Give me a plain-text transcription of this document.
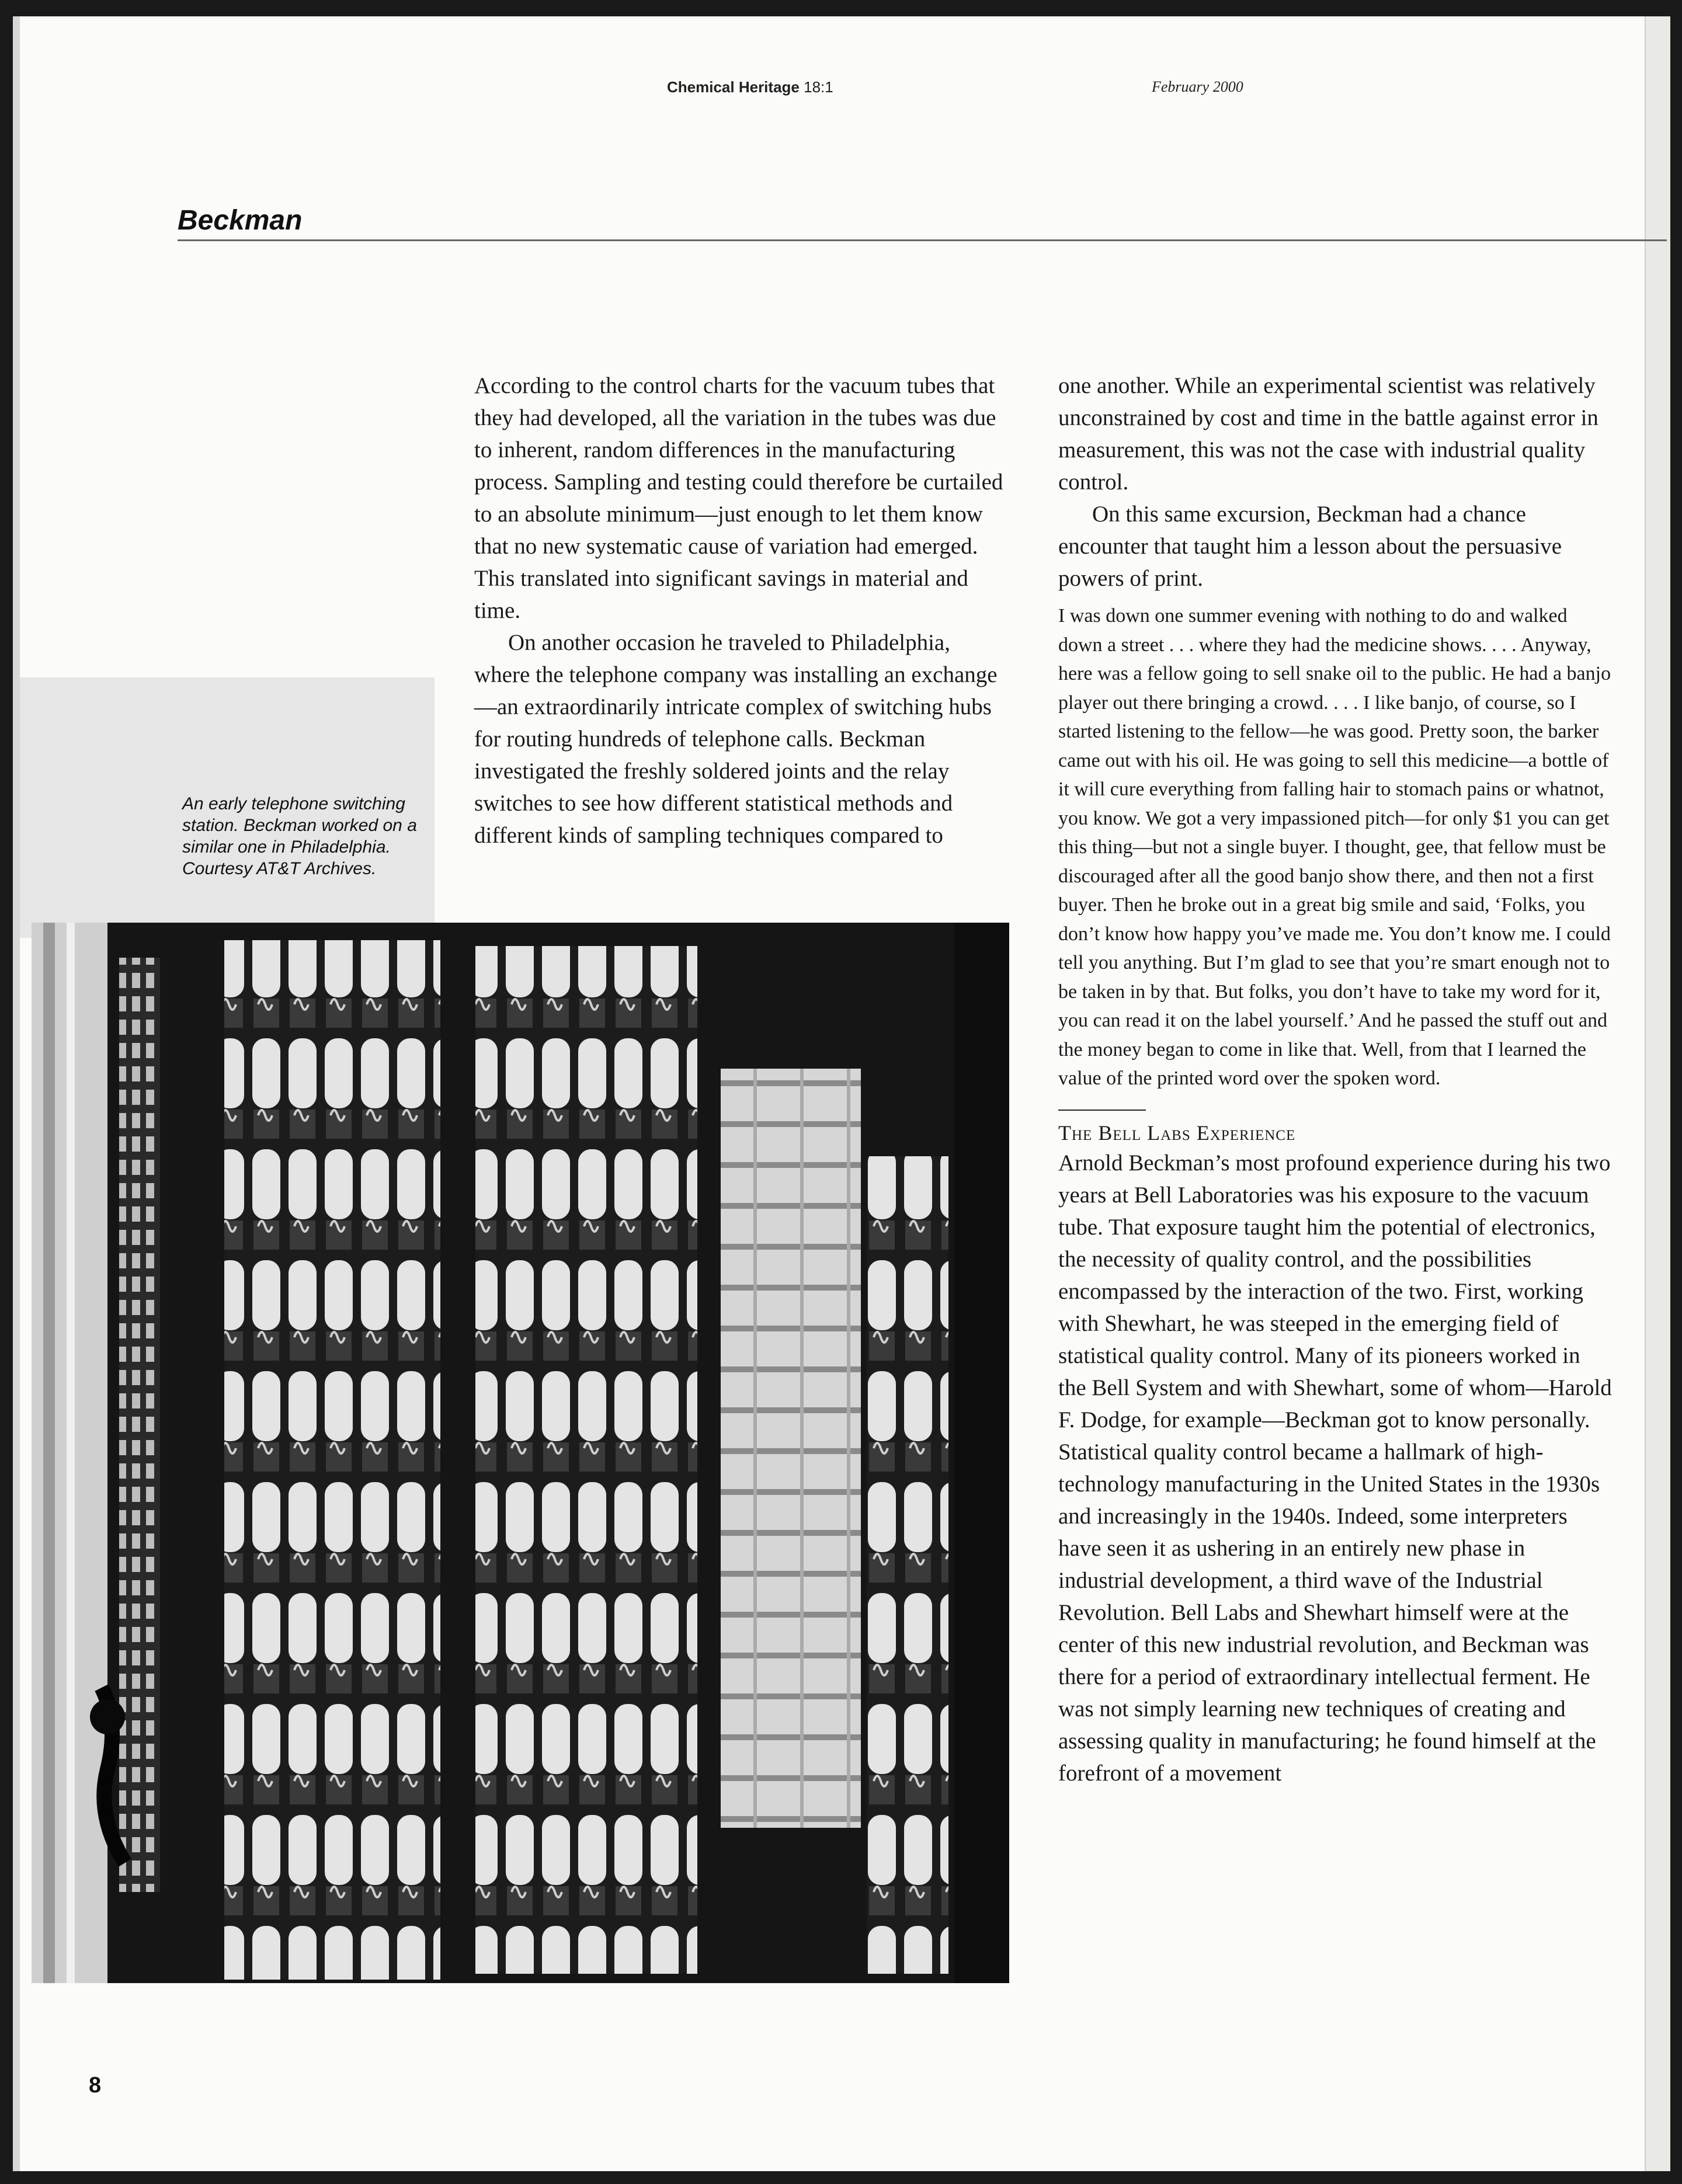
Chemical Heritage 18:1	February 2000
Beckman

An early telephone switching station. Beckman worked on a similar one in Philadelphia. Courtesy AT&T Archives.

According to the control charts for the vacuum tubes that they had developed, all the variation in the tubes was due to inherent, random differences in the manufacturing process. Sampling and testing could therefore be curtailed to an absolute minimum—just enough to let them know that no new systematic cause of variation had emerged. This translated into significant savings in material and time.

On another occasion he traveled to Philadelphia, where the telephone company was installing an exchange—an extraordinarily intricate complex of switching hubs for routing hundreds of telephone calls. Beckman investigated the freshly soldered joints and the relay switches to see how different statistical methods and different kinds of sampling techniques compared to

one another. While an experimental scientist was relatively unconstrained by cost and time in the battle against error in measurement, this was not the case with industrial quality control.

On this same excursion, Beckman had a chance encounter that taught him a lesson about the persuasive powers of print.

I was down one summer evening with nothing to do and walked down a street . . . where they had the medicine shows. . . . Anyway, here was a fellow going to sell snake oil to the public. He had a banjo player out there bringing a crowd. . . . I like banjo, of course, so I started listening to the fellow—he was good. Pretty soon, the barker came out with his oil. He was going to sell this medicine—a bottle of it will cure everything from falling hair to stomach pains or whatnot, you know. We got a very impassioned pitch—for only $1 you can get this thing—but not a single buyer. I thought, gee, that fellow must be discouraged after all the good banjo show there, and then not a first buyer. Then he broke out in a great big smile and said, ‘Folks, you don’t know how happy you’ve made me. You don’t know me. I could tell you anything. But I’m glad to see that you’re smart enough not to be taken in by that. But folks, you don’t have to take my word for it, you can read it on the label yourself.’ And he passed the stuff out and the money began to come in like that. Well, from that I learned the value of the printed word over the spoken word.

The Bell Labs Experience

Arnold Beckman’s most profound experience during his two years at Bell Laboratories was his exposure to the vacuum tube. That exposure taught him the potential of electronics, the necessity of quality control, and the possibilities encompassed by the interaction of the two. First, working with Shewhart, he was steeped in the emerging field of statistical quality control. Many of its pioneers worked in the Bell System and with Shewhart, some of whom—Harold F. Dodge, for example—Beckman got to know personally. Statistical quality control became a hallmark of high-technology manufacturing in the United States in the 1930s and increasingly in the 1940s. Indeed, some interpreters have seen it as ushering in an entirely new phase in industrial development, a third wave of the Industrial Revolution. Bell Labs and Shewhart himself were at the center of this new industrial revolution, and Beckman was there for a period of extraordinary intellectual ferment. He was not simply learning new techniques of creating and assessing quality in manufacturing; he found himself at the forefront of a movement

8
